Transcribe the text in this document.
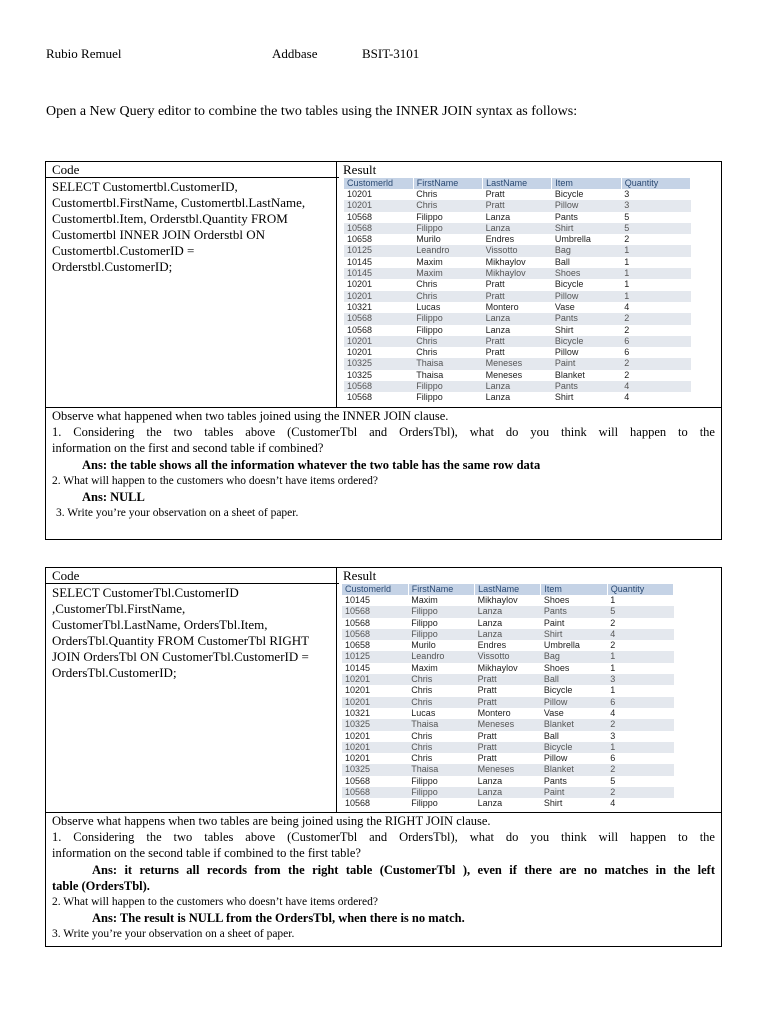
Rubio Remuel	Addbase	BSIT-3101
Open a New Query editor to combine the two tables using the INNER JOIN syntax as follows:
Code	Result
SELECT Customertbl.CustomerID,
Customertbl.FirstName, Customertbl.LastName,
Customertbl.Item, Orderstbl.Quantity FROM
Customertbl INNER JOIN Orderstbl ON
Customertbl.CustomerID =
Orderstbl.CustomerID;
Customerld	FirstName	LastName	Item	Quantity
10201	Chris	Pratt	Bicycle	3
10201	Chris	Pratt	Pillow	3
10568	Filippo	Lanza	Pants	5
10568	Filippo	Lanza	Shirt	5
10658	Murilo	Endres	Umbrella	2
10125	Leandro	Vissotto	Bag	1
10145	Maxim	Mikhaylov	Ball	1
10145	Maxim	Mikhaylov	Shoes	1
10201	Chris	Pratt	Bicycle	1
10201	Chris	Pratt	Pillow	1
10321	Lucas	Montero	Vase	4
10568	Filippo	Lanza	Pants	2
10568	Filippo	Lanza	Shirt	2
10201	Chris	Pratt	Bicycle	6
10201	Chris	Pratt	Pillow	6
10325	Thaisa	Meneses	Paint	2
10325	Thaisa	Meneses	Blanket	2
10568	Filippo	Lanza	Pants	4
10568	Filippo	Lanza	Shirt	4

Observe what happened when two tables joined using the INNER JOIN clause.

1. Considering the two tables above (CustomerTbl and OrdersTbl), what do you think will happen to the

information on the first and second table if combined?

Ans: the table shows all the information whatever the two table has the same row data

2. What will happen to the customers who doesn’t have items ordered?

Ans: NULL

3. Write you’re your observation on a sheet of paper.

Code	Result
SELECT CustomerTbl.CustomerID
,CustomerTbl.FirstName,
CustomerTbl.LastName, OrdersTbl.Item,
OrdersTbl.Quantity FROM CustomerTbl RIGHT
JOIN OrdersTbl ON CustomerTbl.CustomerID =
OrdersTbl.CustomerID;
Customerld	FirstName	LastName	Item	Quantity
10145	Maxim	Mikhaylov	Shoes	1
10568	Filippo	Lanza	Pants	5
10568	Filippo	Lanza	Paint	2
10568	Filippo	Lanza	Shirt	4
10658	Murilo	Endres	Umbrella	2
10125	Leandro	Vissotto	Bag	1
10145	Maxim	Mikhaylov	Shoes	1
10201	Chris	Pratt	Ball	3
10201	Chris	Pratt	Bicycle	1
10201	Chris	Pratt	Pillow	6
10321	Lucas	Montero	Vase	4
10325	Thaisa	Meneses	Blanket	2
10201	Chris	Pratt	Ball	3
10201	Chris	Pratt	Bicycle	1
10201	Chris	Pratt	Pillow	6
10325	Thaisa	Meneses	Blanket	2
10568	Filippo	Lanza	Pants	5
10568	Filippo	Lanza	Paint	2
10568	Filippo	Lanza	Shirt	4

Observe what happens when two tables are being joined using the RIGHT JOIN clause.

1. Considering the two tables above (CustomerTbl and OrdersTbl), what do you think will happen to the

information on the second table if combined to the first table?

Ans: it returns all records from the right table (CustomerTbl ), even if there are no matches in the left

table (OrdersTbl).

2. What will happen to the customers who doesn’t have items ordered?

Ans: The result is NULL from the OrdersTbl, when there is no match.

3. Write you’re your observation on a sheet of paper.
